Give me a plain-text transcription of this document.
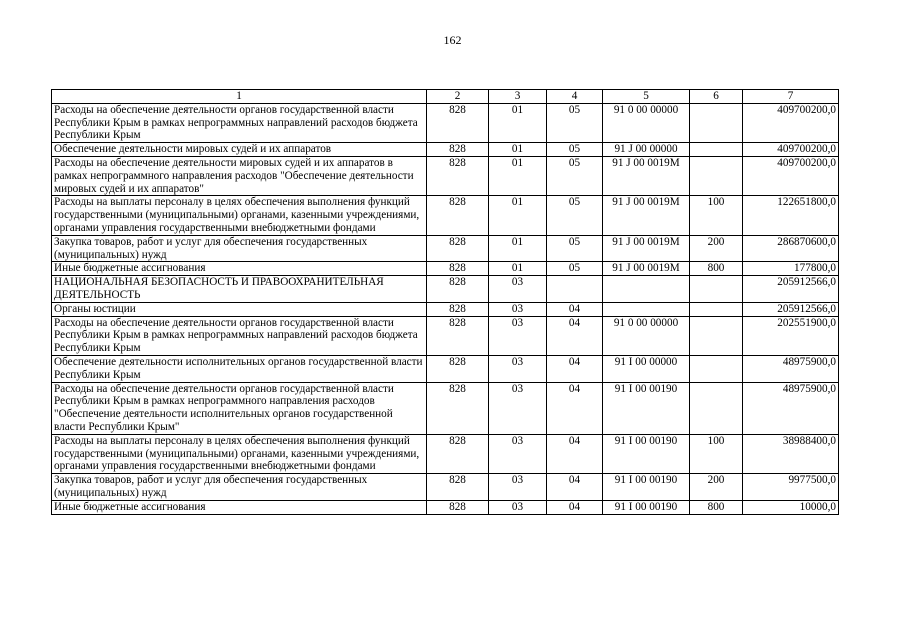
162
1	2	3	4	5	6	7
Расходы на обеспечение деятельности органов государственной власти Республики Крым в рамках непрограммных направлений расходов бюджета Республики Крым	828	01	05	91 0 00 00000		409700200,0
Обеспечение деятельности мировых судей и их аппаратов	828	01	05	91 J 00 00000		409700200,0
Расходы на обеспечение деятельности мировых судей и их аппаратов в рамках непрограммного направления расходов "Обеспечение деятельности мировых судей и их аппаратов"	828	01	05	91 J 00 0019M		409700200,0
Расходы на выплаты персоналу в целях обеспечения выполнения функций государственными (муниципальными) органами, казенными учреждениями, органами управления государственными внебюджетными фондами	828	01	05	91 J 00 0019M	100	122651800,0
Закупка товаров, работ и услуг для обеспечения государственных (муниципальных) нужд	828	01	05	91 J 00 0019M	200	286870600,0
Иные бюджетные ассигнования	828	01	05	91 J 00 0019M	800	177800,0
НАЦИОНАЛЬНАЯ БЕЗОПАСНОСТЬ И ПРАВООХРАНИТЕЛЬНАЯ ДЕЯТЕЛЬНОСТЬ	828	03				205912566,0
Органы юстиции	828	03	04			205912566,0
Расходы на обеспечение деятельности органов государственной власти Республики Крым в рамках непрограммных направлений расходов бюджета Республики Крым	828	03	04	91 0 00 00000		202551900,0
Обеспечение деятельности исполнительных органов государственной власти Республики Крым	828	03	04	91 I 00 00000		48975900,0
Расходы на обеспечение деятельности органов государственной власти Республики Крым в рамках непрограммного направления расходов "Обеспечение деятельности исполнительных органов государственной власти Республики Крым"	828	03	04	91 I 00 00190		48975900,0
Расходы на выплаты персоналу в целях обеспечения выполнения функций государственными (муниципальными) органами, казенными учреждениями, органами управления государственными внебюджетными фондами	828	03	04	91 I 00 00190	100	38988400,0
Закупка товаров, работ и услуг для обеспечения государственных (муниципальных) нужд	828	03	04	91 I 00 00190	200	9977500,0
Иные бюджетные ассигнования	828	03	04	91 I 00 00190	800	10000,0
